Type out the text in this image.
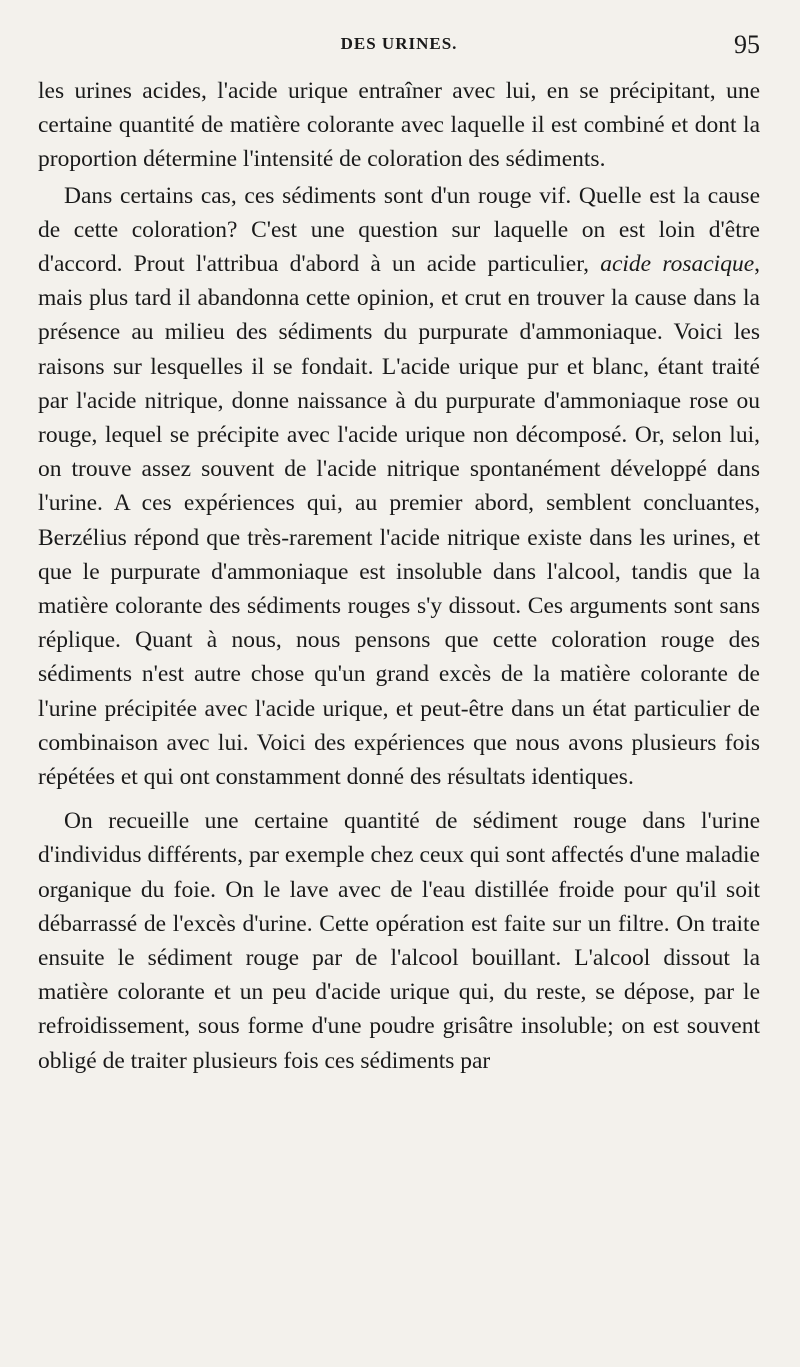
DES URINES.	95

les urines acides, l'acide urique entraîner avec lui, en se précipitant, une certaine quantité de matière colorante avec laquelle il est combiné et dont la proportion détermine l'intensité de coloration des sédiments.

Dans certains cas, ces sédiments sont d'un rouge vif. Quelle est la cause de cette coloration? C'est une question sur laquelle on est loin d'être d'accord. Prout l'attribua d'abord à un acide particulier, acide rosacique, mais plus tard il abandonna cette opinion, et crut en trouver la cause dans la présence au milieu des sédiments du purpurate d'ammoniaque. Voici les raisons sur lesquelles il se fondait. L'acide urique pur et blanc, étant traité par l'acide nitrique, donne naissance à du purpurate d'ammoniaque rose ou rouge, lequel se précipite avec l'acide urique non décomposé. Or, selon lui, on trouve assez souvent de l'acide nitrique spontanément développé dans l'urine. A ces expériences qui, au premier abord, semblent concluantes, Berzélius répond que très-rarement l'acide nitrique existe dans les urines, et que le purpurate d'ammoniaque est insoluble dans l'alcool, tandis que la matière colorante des sédiments rouges s'y dissout. Ces arguments sont sans réplique. Quant à nous, nous pensons que cette coloration rouge des sédiments n'est autre chose qu'un grand excès de la matière colorante de l'urine précipitée avec l'acide urique, et peut-être dans un état particulier de combinaison avec lui. Voici des expériences que nous avons plusieurs fois répétées et qui ont constamment donné des résultats identiques.

On recueille une certaine quantité de sédiment rouge dans l'urine d'individus différents, par exemple chez ceux qui sont affectés d'une maladie organique du foie. On le lave avec de l'eau distillée froide pour qu'il soit débarrassé de l'excès d'urine. Cette opération est faite sur un filtre. On traite ensuite le sédiment rouge par de l'alcool bouillant. L'alcool dissout la matière colorante et un peu d'acide urique qui, du reste, se dépose, par le refroidissement, sous forme d'une poudre grisâtre insoluble; on est souvent obligé de traiter plusieurs fois ces sédiments par
